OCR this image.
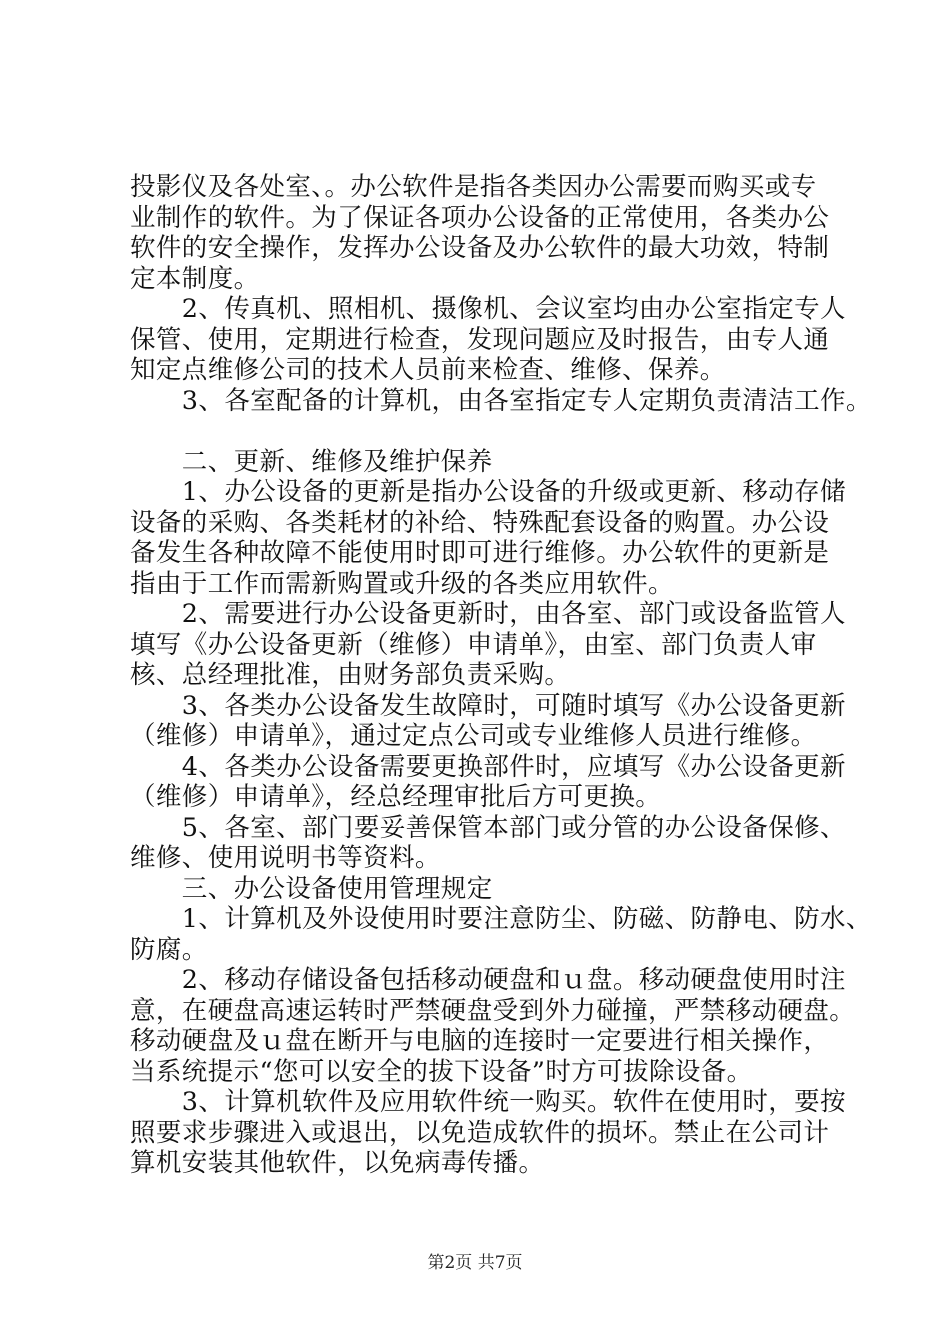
投影仪及各处室、。办公软件是指各类因办公需要而购买或专
业制作的软件。为了保证各项办公设备的正常使用，各类办公
软件的安全操作，发挥办公设备及办公软件的最大功效，特制
定本制度。
　　2、传真机、照相机、摄像机、会议室均由办公室指定专人
保管、使用，定期进行检查，发现问题应及时报告，由专人通
知定点维修公司的技术人员前来检查、维修、保养。
　　3、各室配备的计算机，由各室指定专人定期负责清洁工作。
　　二、更新、维修及维护保养
　　1、办公设备的更新是指办公设备的升级或更新、移动存储
设备的采购、各类耗材的补给、特殊配套设备的购置。办公设
备发生各种故障不能使用时即可进行维修。办公软件的更新是
指由于工作而需新购置或升级的各类应用软件。
　　2、需要进行办公设备更新时，由各室、部门或设备监管人
填写《办公设备更新（维修）申请单》，由室、部门负责人审
核、总经理批准，由财务部负责采购。
　　3、各类办公设备发生故障时，可随时填写《办公设备更新
（维修）申请单》，通过定点公司或专业维修人员进行维修。
　　4、各类办公设备需要更换部件时，应填写《办公设备更新
（维修）申请单》，经总经理审批后方可更换。
　　5、各室、部门要妥善保管本部门或分管的办公设备保修、
维修、使用说明书等资料。
　　三、办公设备使用管理规定
　　1、计算机及外设使用时要注意防尘、防磁、防静电、防水、
防腐。
　　2、移动存储设备包括移动硬盘和ｕ盘。移动硬盘使用时注
意，在硬盘高速运转时严禁硬盘受到外力碰撞，严禁移动硬盘。
移动硬盘及ｕ盘在断开与电脑的连接时一定要进行相关操作，
当系统提示“您可以安全的拔下设备”时方可拔除设备。
　　3、计算机软件及应用软件统一购买。软件在使用时，要按
照要求步骤进入或退出，以免造成软件的损坏。禁止在公司计
算机安装其他软件，以免病毒传播。
第2页 共7页
